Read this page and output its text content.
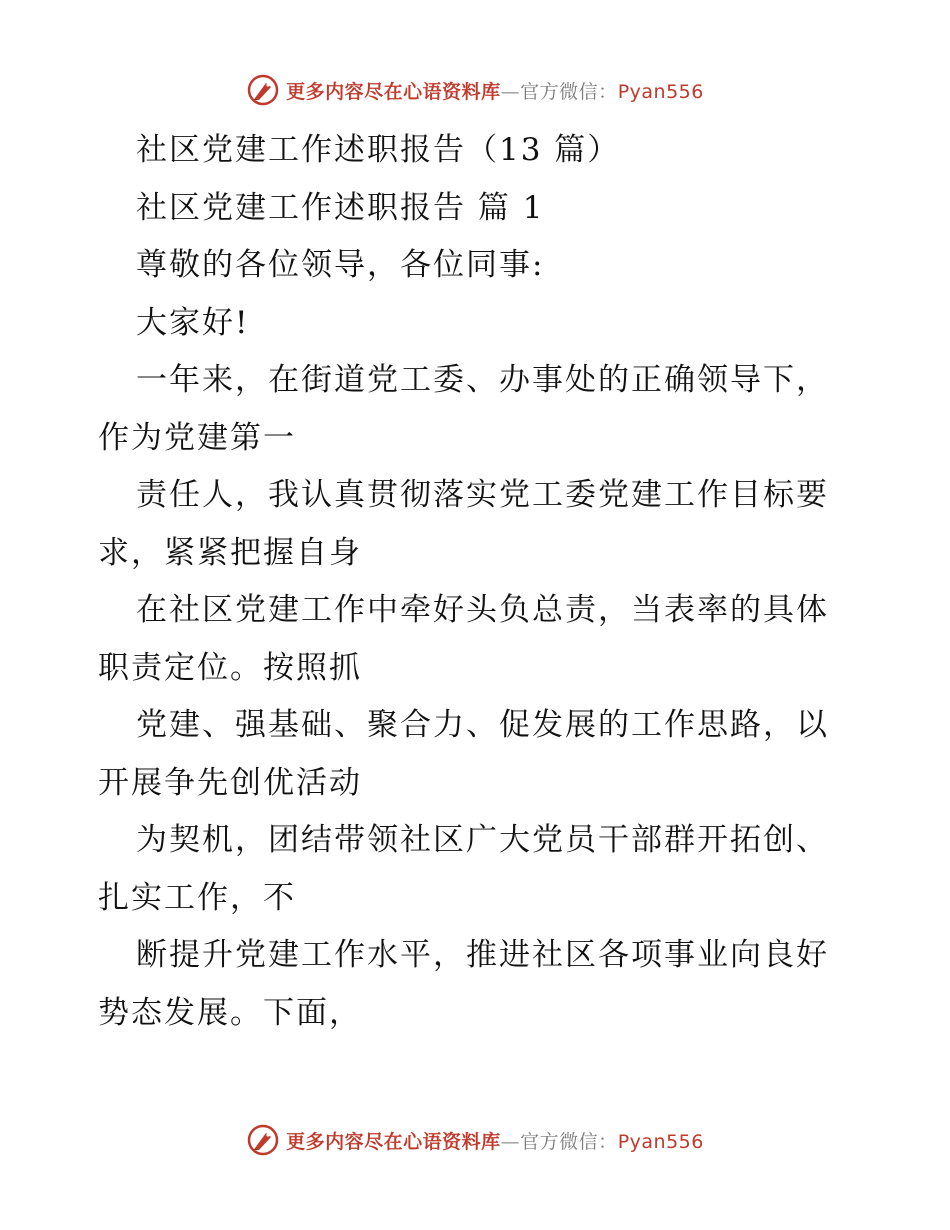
更多内容尽在心语资料库—官方微信：Pyan556

社区党建工作述职报告（13 篇）

社区党建工作述职报告 篇 1

尊敬的各位领导，各位同事:

大家好!

一年来，在街道党工委、办事处的正确领导下，

作为党建第一

责任人，我认真贯彻落实党工委党建工作目标要

求，紧紧把握自身

在社区党建工作中牵好头负总责，当表率的具体

职责定位。按照抓

党建、强基础、聚合力、促发展的工作思路，以

开展争先创优活动

为契机，团结带领社区广大党员干部群开拓创、

扎实工作，不

断提升党建工作水平，推进社区各项事业向良好

势态发展。下面，

更多内容尽在心语资料库—官方微信：Pyan556
